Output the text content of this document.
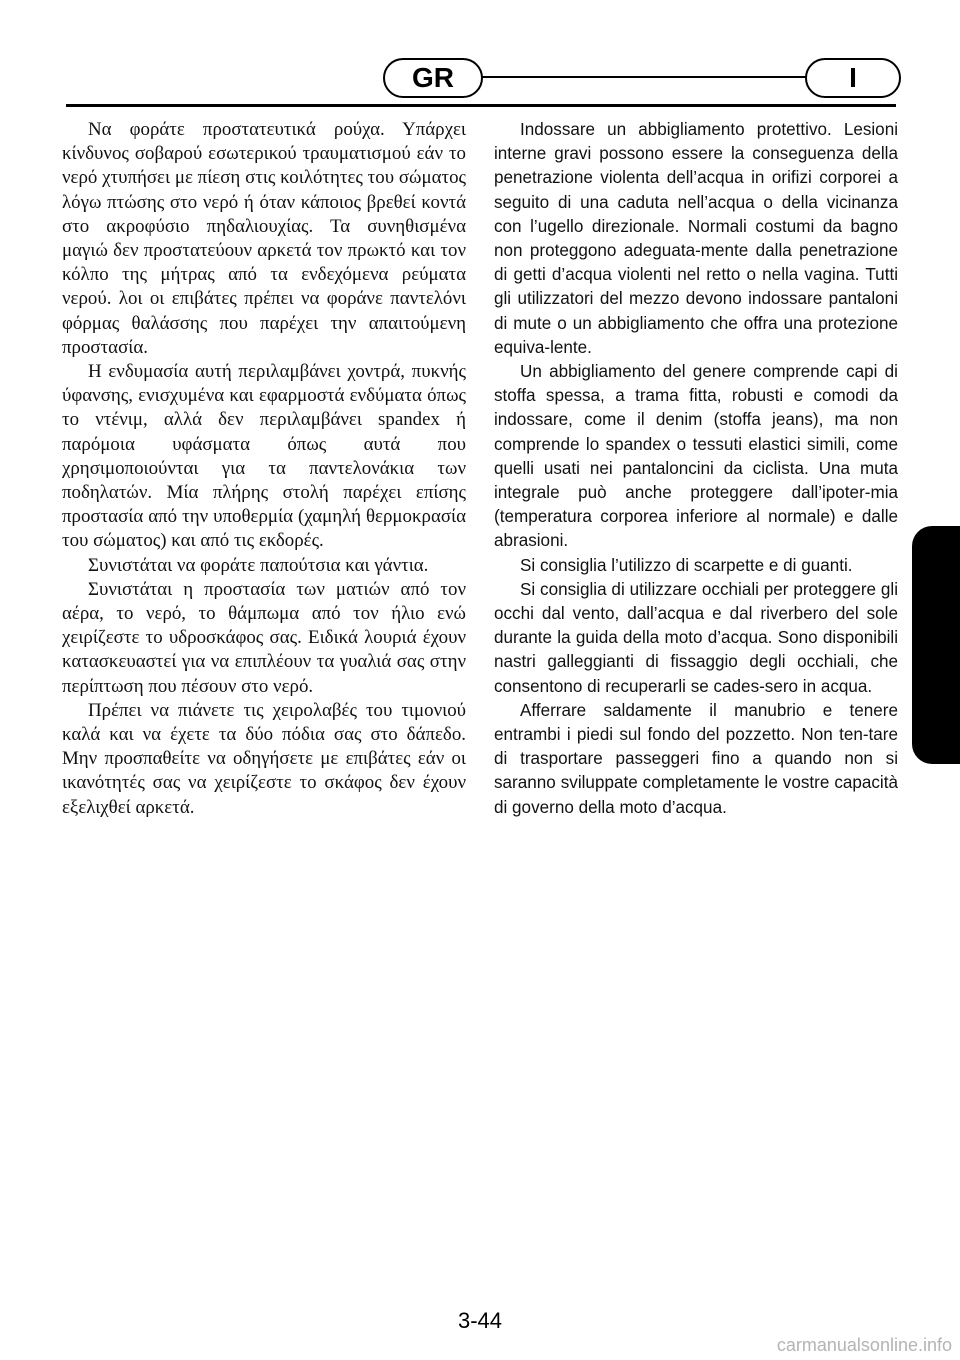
GR	I

Να φοράτε προστατευτικά ρούχα. Υπάρχει κίνδυνος σοβαρού εσωτερικού τραυματισμού εάν το νερό χτυπήσει με πίεση στις κοιλότητες του σώματος λόγω πτώσης στο νερό ή όταν κάποιος βρεθεί κοντά στο ακροφύσιο πηδαλιουχίας. Τα συνηθισμένα μαγιώ δεν προστατεύουν αρκετά τον πρωκτό και τον κόλπο της μήτρας από τα ενδεχόμενα ρεύματα νερού. λοι οι επιβάτες πρέπει να φοράνε παντελόνι φόρμας θαλάσσης που παρέχει την απαιτούμενη προστασία.

Η ενδυμασία αυτή περιλαμβάνει χοντρά, πυκνής ύφανσης, ενισχυμένα και εφαρμοστά ενδύματα όπως το ντένιμ, αλλά δεν περιλαμβάνει spandex ή παρόμοια υφάσματα όπως αυτά που χρησιμοποιούνται για τα παντελονάκια των ποδηλατών. Μία πλήρης στολή παρέχει επίσης προστασία από την υποθερμία (χαμηλή θερμοκρασία του σώματος) και από τις εκδορές.

Συνιστάται να φοράτε παπούτσια και γάντια.

Συνιστάται η προστασία των ματιών από τον αέρα, το νερό, το θάμπωμα από τον ήλιο ενώ χειρίζεστε το υδροσκάφος σας. Ειδικά λουριά έχουν κατασκευαστεί για να επιπλέουν τα γυαλιά σας στην περίπτωση που πέσουν στο νερό.

Πρέπει να πιάνετε τις χειρολαβές του τιμονιού καλά και να έχετε τα δύο πόδια σας στο δάπεδο. Μην προσπαθείτε να οδηγήσετε με επιβάτες εάν οι ικανότητές σας να χειρίζεστε το σκάφος δεν έχουν εξελιχθεί αρκετά.

Indossare un abbigliamento protettivo. Lesioni interne gravi possono essere la conseguenza della penetrazione violenta dell’acqua in orifizi corporei a seguito di una caduta nell’acqua o della vicinanza con l’ugello direzionale. Normali costumi da bagno non proteggono adeguata-mente dalla penetrazione di getti d’acqua violenti nel retto o nella vagina. Tutti gli utilizzatori del mezzo devono indossare pantaloni di mute o un abbigliamento che offra una protezione equiva-lente.

Un abbigliamento del genere comprende capi di stoffa spessa, a trama fitta, robusti e comodi da indossare, come il denim (stoffa jeans), ma non comprende lo spandex o tessuti elastici simili, come quelli usati nei pantaloncini da ciclista. Una muta integrale può anche proteggere dall’ipoter-mia (temperatura corporea inferiore al normale) e dalle abrasioni.

Si consiglia l’utilizzo di scarpette e di guanti.

Si consiglia di utilizzare occhiali per proteggere gli occhi dal vento, dall’acqua e dal riverbero del sole durante la guida della moto d’acqua. Sono disponibili nastri galleggianti di fissaggio degli occhiali, che consentono di recuperarli se cades-sero in acqua.

Afferrare saldamente il manubrio e tenere entrambi i piedi sul fondo del pozzetto. Non ten-tare di trasportare passeggeri fino a quando non si saranno sviluppate completamente le vostre capacità di governo della moto d’acqua.

3-44
carmanualsonline.info
